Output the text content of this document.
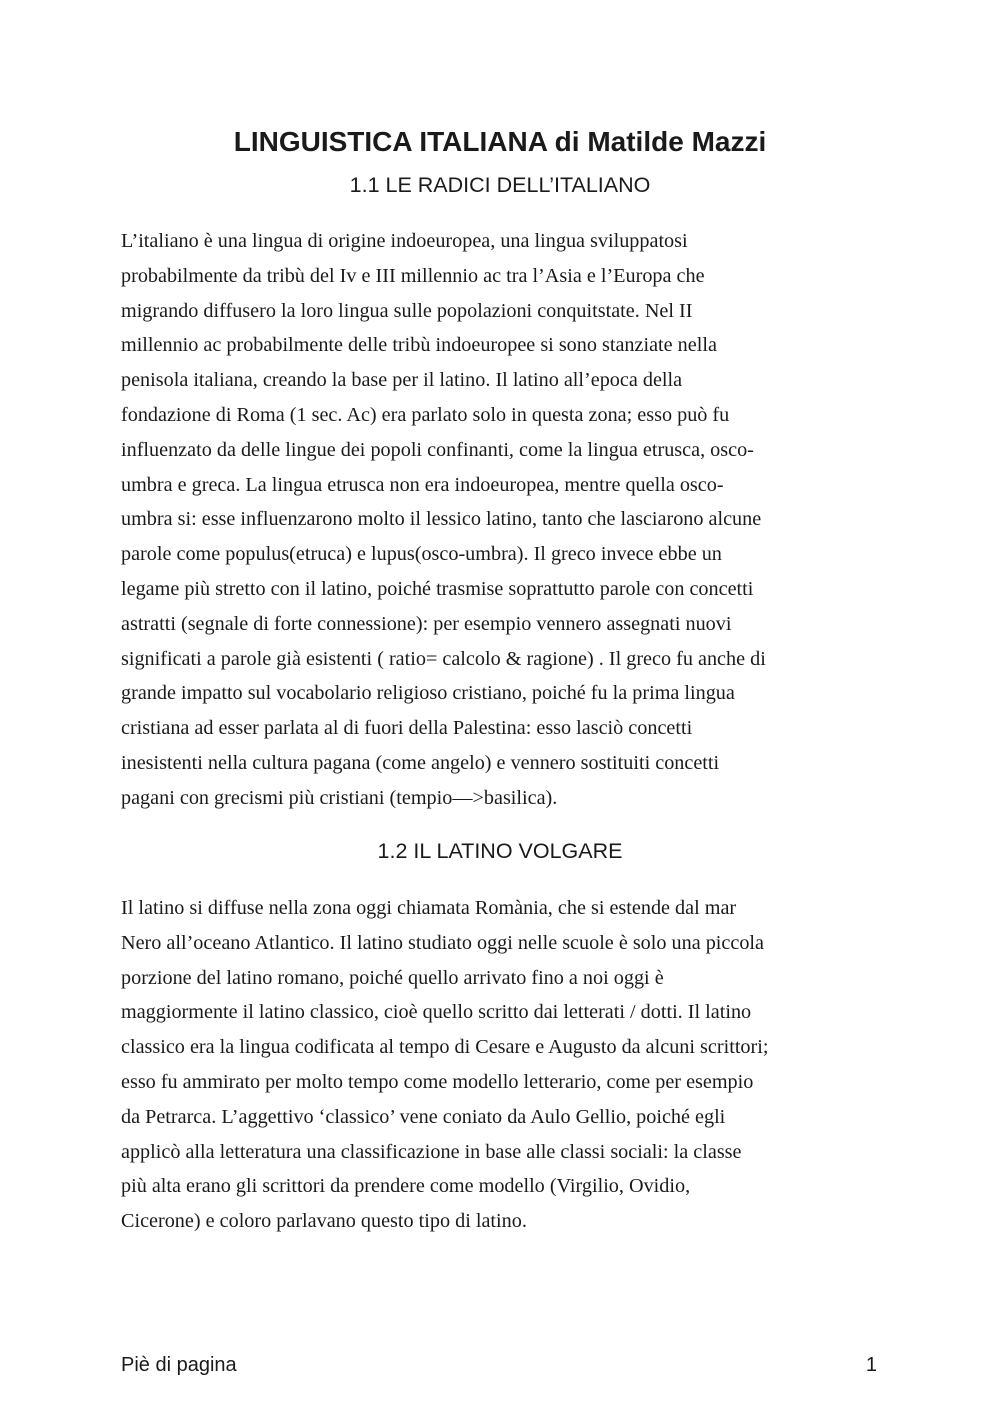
LINGUISTICA ITALIANA di Matilde Mazzi
1.1 LE RADICI DELL’ITALIANO
L’italiano è una lingua di origine indoeuropea, una lingua sviluppatosi
probabilmente da tribù del Iv e III millennio ac tra l’Asia e l’Europa che
migrando diffusero la loro lingua sulle popolazioni conquitstate. Nel II
millennio ac probabilmente delle tribù indoeuropee si sono stanziate nella
penisola italiana, creando la base per il latino. Il latino all’epoca della
fondazione di Roma (1 sec. Ac) era parlato solo in questa zona; esso può fu
influenzato da delle lingue dei popoli confinanti, come la lingua etrusca, osco-
umbra e greca. La lingua etrusca non era indoeuropea, mentre quella osco-
umbra si: esse influenzarono molto il lessico latino, tanto che lasciarono alcune
parole come populus(etruca) e lupus(osco-umbra). Il greco invece ebbe un
legame più stretto con il latino, poiché trasmise soprattutto parole con concetti
astratti (segnale di forte connessione): per esempio vennero assegnati nuovi
significati a parole già esistenti ( ratio= calcolo & ragione) . Il greco fu anche di
grande impatto sul vocabolario religioso cristiano, poiché fu la prima lingua
cristiana ad esser parlata al di fuori della Palestina: esso lasciò concetti
inesistenti nella cultura pagana (come angelo) e vennero sostituiti concetti
pagani con grecismi più cristiani (tempio—>basilica).
1.2 IL LATINO VOLGARE
Il latino si diffuse nella zona oggi chiamata Romània, che si estende dal mar
Nero all’oceano Atlantico. Il latino studiato oggi nelle scuole è solo una piccola
porzione del latino romano, poiché quello arrivato fino a noi oggi è
maggiormente il latino classico, cioè quello scritto dai letterati / dotti. Il latino
classico era la lingua codificata al tempo di Cesare e Augusto da alcuni scrittori;
esso fu ammirato per molto tempo come modello letterario, come per esempio
da Petrarca. L’aggettivo ‘classico’ vene coniato da Aulo Gellio, poiché egli
applicò alla letteratura una classificazione in base alle classi sociali: la classe
più alta erano gli scrittori da prendere come modello (Virgilio, Ovidio,
Cicerone) e coloro parlavano questo tipo di latino.
Piè di pagina	1
